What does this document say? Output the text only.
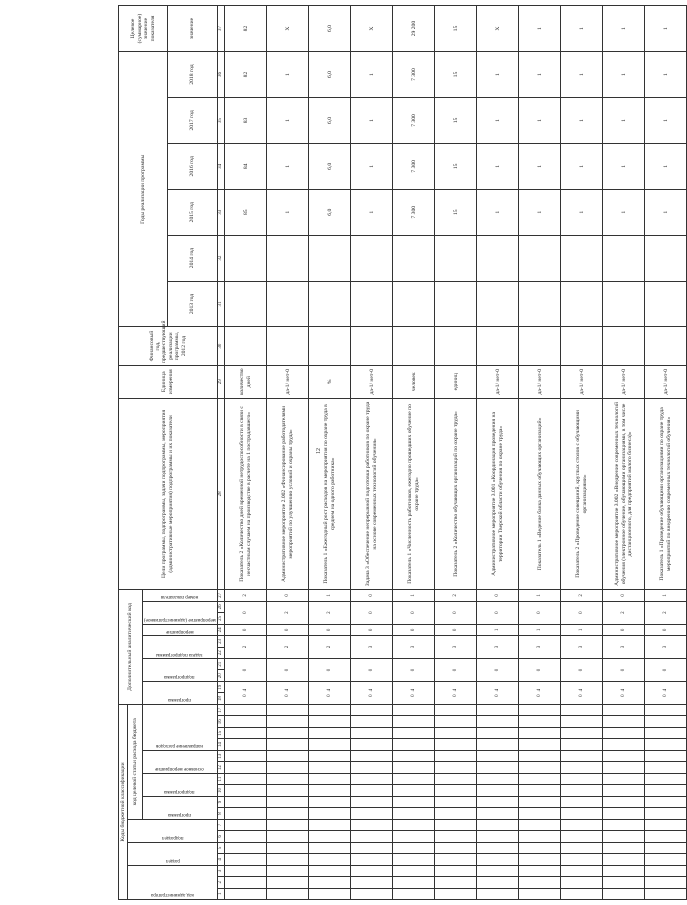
12
Коды бюджетной классификации																	Дополнительный аналитический код										Цели программы, подпрограммы, задачи подпрограммы, мероприятия (административные мероприятия) подпрограммы и их показатели	Единица измерения	Финансовый год, предшествующий реализации программы, 2012 год	Годы реализации программы						Целевое (суммарное) значение показателя

код администратора			раздел		подраздел		код целевой статьи расхода бюджета																													

							программа		подпрограмма		основное мероприятие		направление расходов				программа		подпрограмма		задача подпрограммы		мероприятие	мероприятие (административное)		номер показателя										

																														2013 год	2014 год	2015 год	2016 год	2017 год	2018 год	значение
1	2	3	4	5	6	7	8	9	10	11	12	13	14	15	16	17	18	19	20	21	22	23	24	25	26	27	28	29	30	31	32	33	34	35	36	37
																	04		0		2		0	0		2	Показатель 2 «Количество дней временной нетрудоспособности в связи с несчастным случаем на производстве в расчете на 1 пострадавшего»	количество дней				85	84	83	82	82
																	04		0		2		0	2		0	Административное мероприятие 2.002 «Финансирование работодателями мероприятий по улучшению условий и охраны труда»	да-1/ нет-0				1	1	1	1	Х
																	04		0		2		0	2		1	Показатель 1 «Ежегодный рост расходов на мероприятия по охране труда в среднем на одного работника»	%				6,0	6,0	6,0	6,0	6,0
																	04		0		3		0	0		0	Задача 3 «Обеспечение непрерывной подготовки работников по охране труда на основе современных технологий обучения»	да-1/ нет-0				1	1	1	1	Х
																	04		0		3		0	0		1	Показатель 1 «Численность работников, ежегодно прошедших обучение по охране труда»	человек				7 300	7 300	7 300	7 300	29 200
																	04		0		3		0	0		2	Показатель 2 «Количество обучающих организаций по охране труда»	единиц				15	15	15	15	15
																	04		0		3		1	0		0	Административное мероприятие 3.001 «Координация проведения на территории Тверской области обучения по охране труда»	да-1/ нет-0				1	1	1	1	Х
																	04		0		3		1	0		1	Показатель 1 «Ведение банка данных обучающих организаций»	да-1/ нет-0				1	1	1	1	1
																	04		0		3		1	0		2	Показатель 2 «Проведение совещаний, круглых столов с обучающими организациями»	да-1/ нет-0				1	1	1	1	1
																	04		0		3		0	2		0	Административное мероприятие 3.002 «Внедрение современных технологий обучения (электронное обучение, обучающими организациями, в том числе дистанционного, для предприятий малого бизнеса)»	да-1/ нет-0				1	1	1	1	1
																	04		0		3		0	2		1	Показатель 1 «Проведение обучающими организациями по охране труда мероприятий по внедрению современных технологий обучения»	да-1/ нет-0				1	1	1	1	1
